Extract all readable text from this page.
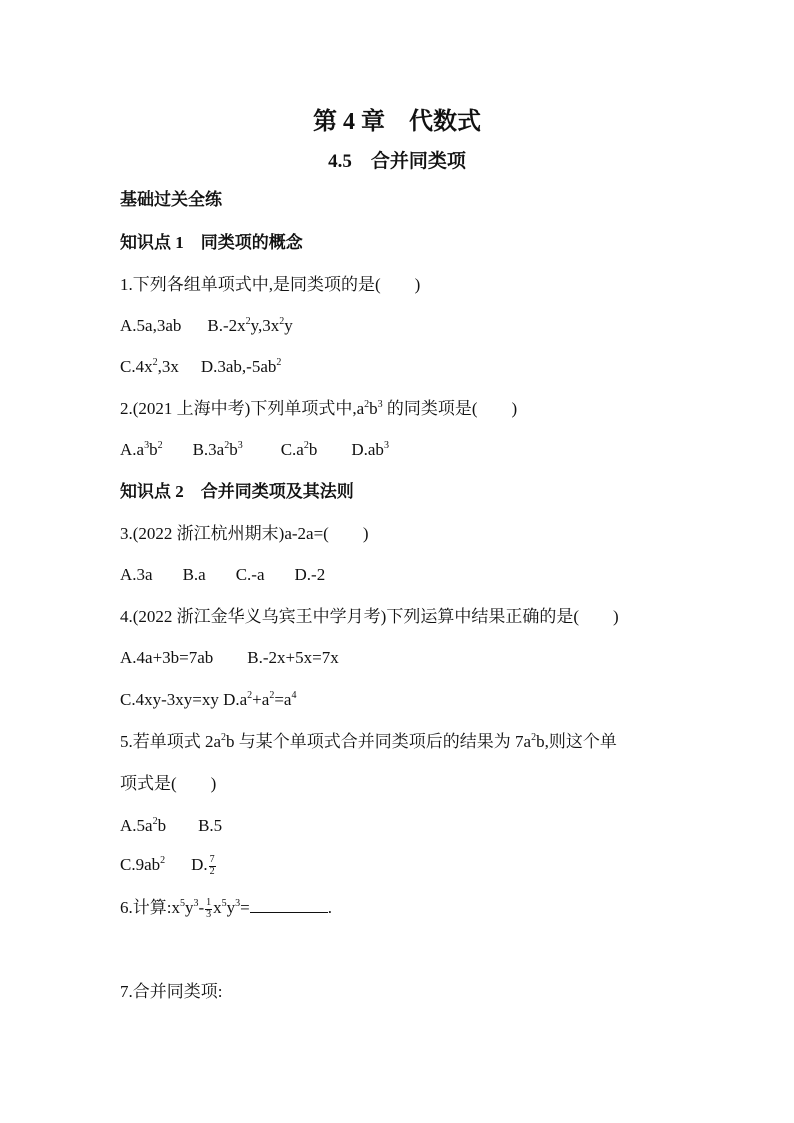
第 4 章　代数式
4.5　合并同类项
基础过关全练
知识点 1　同类项的概念
1.下列各组单项式中,是同类项的是(　　)
A.5a,3ab $B.-2x^2y,3x^2y$
$C.4x^2,3x$ $D.3ab,-5ab^2$
2.(2021 上海中考)下列单项式中$,a^2b^3$ 的同类项是(　　)
$A.a^3b^2$ $B.3a^2b^3$ $C.a^2b$ $D.ab^3$
知识点 2　合并同类项及其法则
3.(2022 浙江杭州期末)a-2a=(　　)
A.3a B.a C.-a D.-2
4.(2022 浙江金华义乌宾王中学月考)下列运算中结果正确的是(　　)
A.4a+3b=7ab B.-2x+5x=7x
C.4xy-3xy=xy $D.a^2+a^2=a^4$
5.若单项式 $2a^2b$ 与某个单项式合并同类项后的结果为 $7a^2b$,则这个单
项式是(　　)
$A.5a^2b$ B.5
$C.9ab^2$ D. $\frac{7}{2}$
6.计算$:x^5y^3- \frac{1}{3} x^5y^3=$	.
7.合并同类项:
